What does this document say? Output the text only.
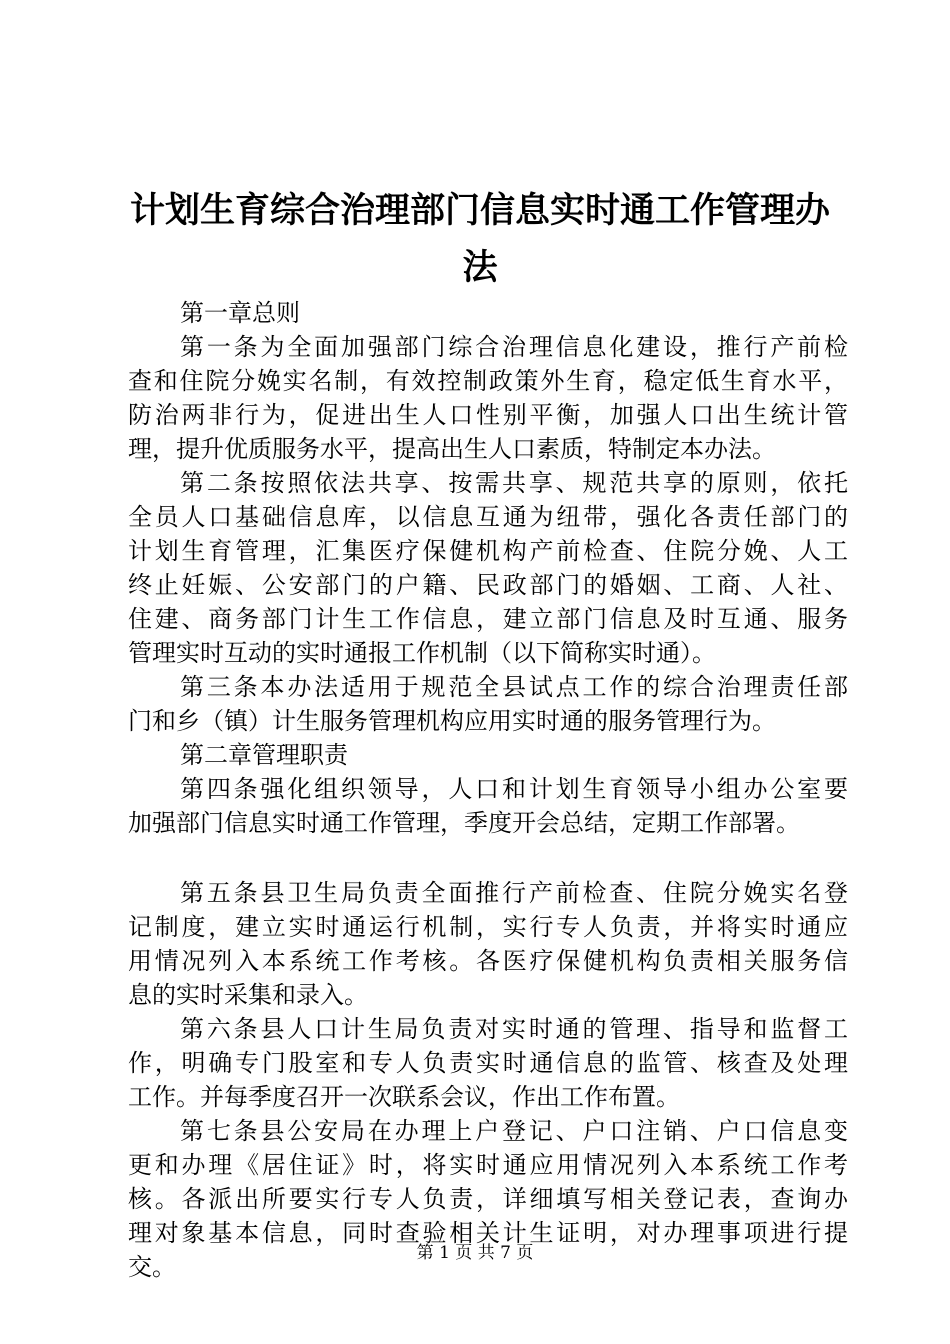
计划生育综合治理部门信息实时通工作管理办
法
第一章总则
第一条为全面加强部门综合治理信息化建设，推行产前检
查和住院分娩实名制，有效控制政策外生育，稳定低生育水平，
防治两非行为，促进出生人口性别平衡，加强人口出生统计管
理，提升优质服务水平，提高出生人口素质，特制定本办法。
第二条按照依法共享、按需共享、规范共享的原则，依托
全员人口基础信息库，以信息互通为纽带，强化各责任部门的
计划生育管理，汇集医疗保健机构产前检查、住院分娩、人工
终止妊娠、公安部门的户籍、民政部门的婚姻、工商、人社、
住建、商务部门计生工作信息，建立部门信息及时互通、服务
管理实时互动的实时通报工作机制（以下简称实时通）。
第三条本办法适用于规范全县试点工作的综合治理责任部
门和乡（镇）计生服务管理机构应用实时通的服务管理行为。
第二章管理职责
第四条强化组织领导，人口和计划生育领导小组办公室要
加强部门信息实时通工作管理，季度开会总结，定期工作部署。
第五条县卫生局负责全面推行产前检查、住院分娩实名登
记制度，建立实时通运行机制，实行专人负责，并将实时通应
用情况列入本系统工作考核。各医疗保健机构负责相关服务信
息的实时采集和录入。
第六条县人口计生局负责对实时通的管理、指导和监督工
作，明确专门股室和专人负责实时通信息的监管、核查及处理
工作。并每季度召开一次联系会议，作出工作布置。
第七条县公安局在办理上户登记、户口注销、户口信息变
更和办理《居住证》时，将实时通应用情况列入本系统工作考
核。各派出所要实行专人负责，详细填写相关登记表，查询办
理对象基本信息，同时查验相关计生证明，对办理事项进行提
交。	第 1 页 共 7 页
